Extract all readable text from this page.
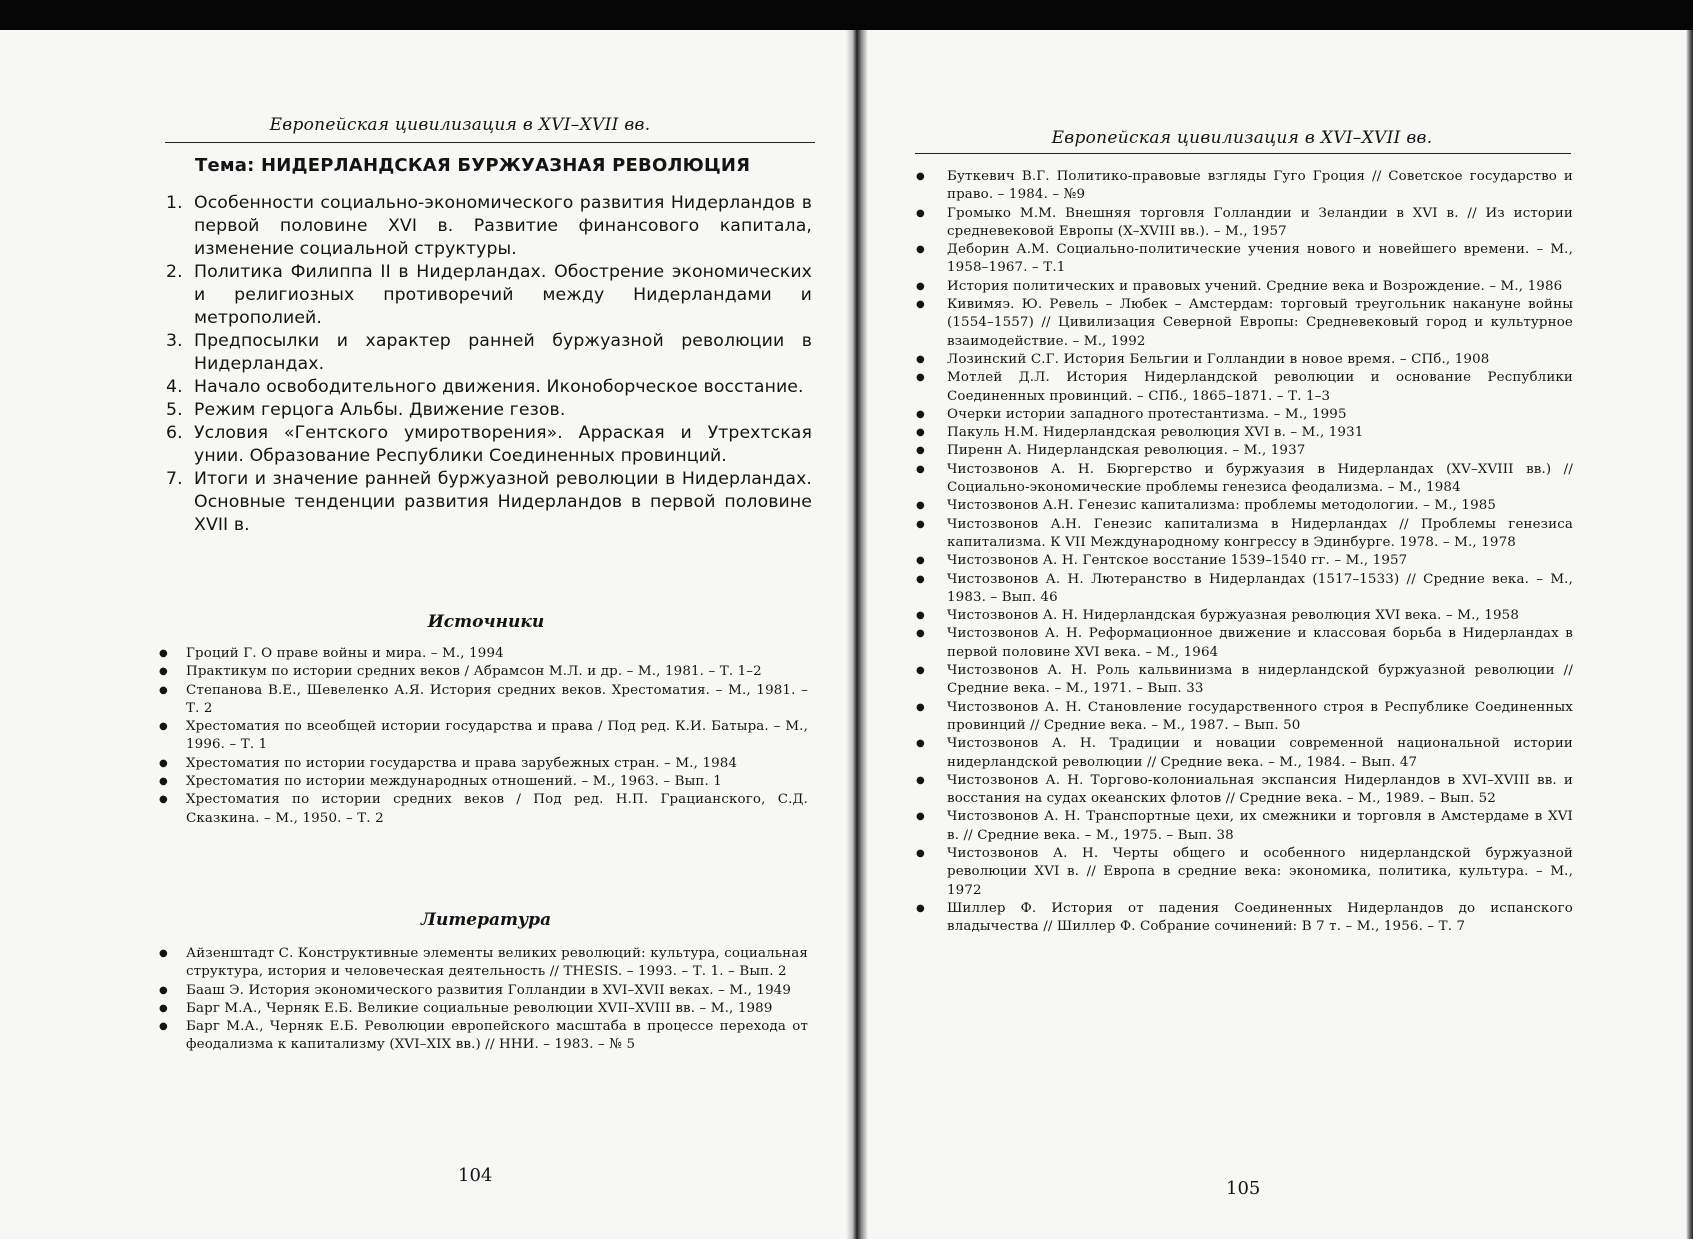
Европейская цивилизация в XVI–XVII вв.
Тема: НИДЕРЛАНДСКАЯ БУРЖУАЗНАЯ РЕВОЛЮЦИЯ
1. Особенности социально-экономического развития Нидерландов в первой половине XVI в. Развитие финансового капитала, изменение социальной структуры.
2. Политика Филиппа II в Нидерландах. Обострение экономических и религиозных противоречий между Нидерландами и метрополией.
3. Предпосылки и характер ранней буржуазной революции в Нидерландах.
4. Начало освободительного движения. Иконоборческое восстание.
5. Режим герцога Альбы. Движение гезов.
6. Условия «Гентского умиротворения». Арраская и Утрехтская унии. Образование Республики Соединенных провинций.
7. Итоги и значение ранней буржуазной революции в Нидерландах. Основные тенденции развития Нидерландов в первой половине XVII в.
Источники
● Гроций Г. О праве войны и мира. – М., 1994
● Практикум по истории средних веков / Абрамсон М.Л. и др. – М., 1981. – Т. 1–2
● Степанова В.Е., Шевеленко А.Я. История средних веков. Хрестоматия. – М., 1981. – Т. 2
● Хрестоматия по всеобщей истории государства и права / Под ред. К.И. Батыра. – М., 1996. – Т. 1
● Хрестоматия по истории государства и права зарубежных стран. – М., 1984
● Хрестоматия по истории международных отношений. – М., 1963. – Вып. 1
● Хрестоматия по истории средних веков / Под ред. Н.П. Грацианского, С.Д. Сказкина. – М., 1950. – Т. 2
Литература
● Айзенштадт С. Конструктивные элементы великих революций: культура, социальная структура, история и человеческая деятельность // THESIS. – 1993. – Т. 1. – Вып. 2
● Бааш Э. История экономического развития Голландии в XVI–XVII веках. – М., 1949
● Барг М.А., Черняк Е.Б. Великие социальные революции XVII–XVIII вв. – М., 1989
● Барг М.А., Черняк Е.Б. Революции европейского масштаба в процессе перехода от феодализма к капитализму (XVI–XIX вв.) // ННИ. – 1983. – № 5
104
Европейская цивилизация в XVI–XVII вв.
● Буткевич В.Г. Политико-правовые взгляды Гуго Гроция // Советское государство и право. – 1984. – №9
● Громыко М.М. Внешняя торговля Голландии и Зеландии в XVI в. // Из истории средневековой Европы (X–XVIII вв.). – М., 1957
● Деборин А.М. Социально-политические учения нового и новейшего времени. – М., 1958–1967. – Т.1
● История политических и правовых учений. Средние века и Возрождение. – М., 1986
● Кивимяэ. Ю. Ревель – Любек – Амстердам: торговый треугольник накануне войны (1554–1557) // Цивилизация Северной Европы: Средневековый город и культурное взаимодействие. – М., 1992
● Лозинский С.Г. История Бельгии и Голландии в новое время. – СПб., 1908
● Мотлей Д.Л. История Нидерландской революции и основание Республики Соединенных провинций. – СПб., 1865–1871. – Т. 1–3
● Очерки истории западного протестантизма. – М., 1995
● Пакуль Н.М. Нидерландская революция XVI в. – М., 1931
● Пиренн А. Нидерландская революция. – М., 1937
● Чистозвонов А. Н. Бюргерство и буржуазия в Нидерландах (XV–XVIII вв.) // Социально-экономические проблемы генезиса феодализма. – М., 1984
● Чистозвонов А.Н. Генезис капитализма: проблемы методологии. – М., 1985
● Чистозвонов А.Н. Генезис капитализма в Нидерландах // Проблемы генезиса капитализма. К VII Международному конгрессу в Эдинбурге. 1978. – М., 1978
● Чистозвонов А. Н. Гентское восстание 1539–1540 гг. – М., 1957
● Чистозвонов А. Н. Лютеранство в Нидерландах (1517–1533) // Средние века. – М., 1983. – Вып. 46
● Чистозвонов А. Н. Нидерландская буржуазная революция XVI века. – М., 1958
● Чистозвонов А. Н. Реформационное движение и классовая борьба в Нидерландах в первой половине XVI века. – М., 1964
● Чистозвонов А. Н. Роль кальвинизма в нидерландской буржуазной революции // Средние века. – М., 1971. – Вып. 33
● Чистозвонов А. Н. Становление государственного строя в Республике Соединенных провинций // Средние века. – М., 1987. – Вып. 50
● Чистозвонов А. Н. Традиции и новации современной национальной истории нидерландской революции // Средние века. – М., 1984. – Вып. 47
● Чистозвонов А. Н. Торгово-колониальная экспансия Нидерландов в XVI–XVIII вв. и восстания на судах океанских флотов // Средние века. – М., 1989. – Вып. 52
● Чистозвонов А. Н. Транспортные цехи, их смежники и торговля в Амстердаме в XVI в. // Средние века. – М., 1975. – Вып. 38
● Чистозвонов А. Н. Черты общего и особенного нидерландской буржуазной революции XVI в. // Европа в средние века: экономика, политика, культура. – М., 1972
● Шиллер Ф. История от падения Соединенных Нидерландов до испанского владычества // Шиллер Ф. Собрание сочинений: В 7 т. – М., 1956. – Т. 7
105
